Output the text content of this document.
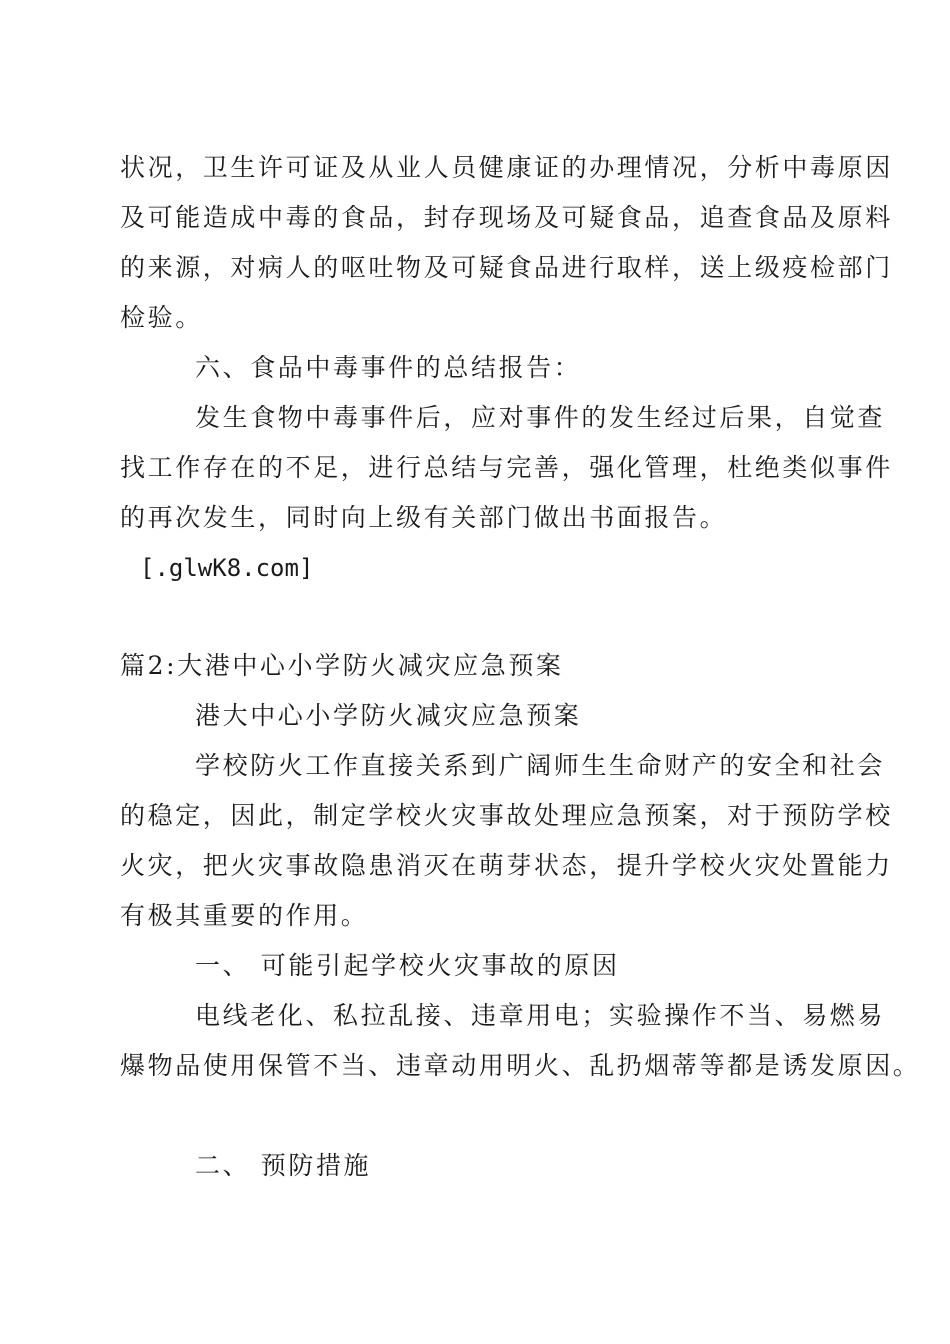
状况，卫生许可证及从业人员健康证的办理情况，分析中毒原因
及可能造成中毒的食品，封存现场及可疑食品，追查食品及原料
的来源，对病人的呕吐物及可疑食品进行取样，送上级疫检部门
检验。
六、食品中毒事件的总结报告：
发生食物中毒事件后，应对事件的发生经过后果，自觉查
找工作存在的不足，进行总结与完善，强化管理，杜绝类似事件
的再次发生，同时向上级有关部门做出书面报告。
[.glwK8.com]
篇2:大港中心小学防火减灾应急预案
港大中心小学防火减灾应急预案
学校防火工作直接关系到广阔师生生命财产的安全和社会
的稳定，因此，制定学校火灾事故处理应急预案，对于预防学校
火灾，把火灾事故隐患消灭在萌芽状态，提升学校火灾处置能力
有极其重要的作用。
一、 可能引起学校火灾事故的原因
电线老化、私拉乱接、违章用电；实验操作不当、易燃易
爆物品使用保管不当、违章动用明火、乱扔烟蒂等都是诱发原因。
二、 预防措施
